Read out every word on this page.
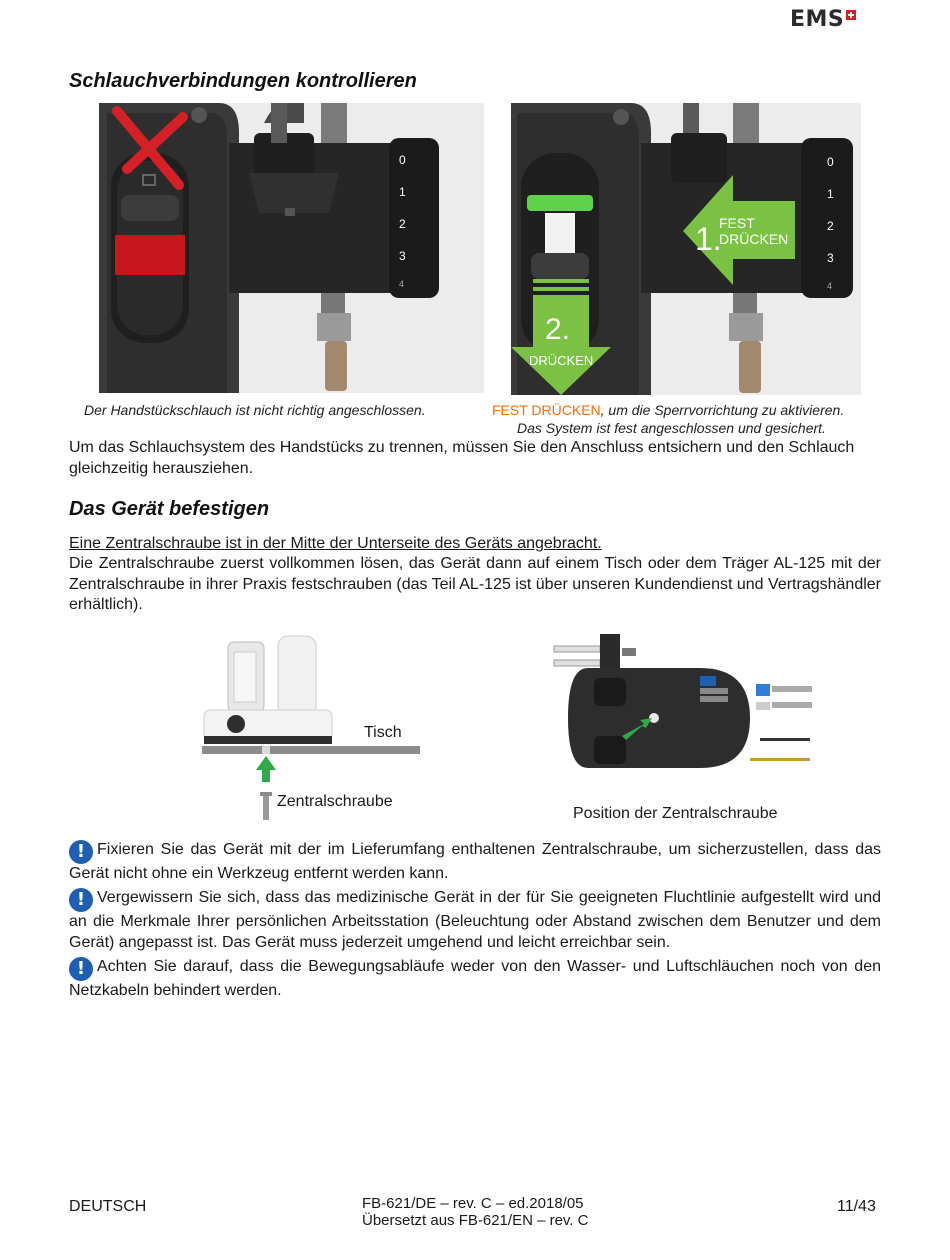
EMS
Schlauchverbindungen kontrollieren
0
1
2
3
4
0
1
2
3
4
1.
FEST
DRÜCKEN
2.
DRÜCKEN
Der Handstückschlauch ist nicht richtig angeschlossen.	FEST DRÜCKEN, um die Sperrvorrichtung zu aktivieren.
Das System ist fest angeschlossen und gesichert.
Um das Schlauchsystem des Handstücks zu trennen, müssen Sie den Anschluss entsichern und den Schlauch gleichzeitig herausziehen.
Das Gerät befestigen
Eine Zentralschraube ist in der Mitte der Unterseite des Geräts angebracht.
Die Zentralschraube zuerst vollkommen lösen, das Gerät dann auf einem Tisch oder dem Träger AL-125 mit der Zentralschraube in ihrer Praxis festschrauben (das Teil AL-125 ist über unseren Kundendienst und Vertragshändler erhältlich).
Tisch
Zentralschraube
Position der Zentralschraube
! Fixieren Sie das Gerät mit der im Lieferumfang enthaltenen Zentralschraube, um sicherzustellen, dass das Gerät nicht ohne ein Werkzeug entfernt werden kann.
! Vergewissern Sie sich, dass das medizinische Gerät in der für Sie geeigneten Fluchtlinie aufgestellt wird und an die Merkmale Ihrer persönlichen Arbeitsstation (Beleuchtung oder Abstand zwischen dem Benutzer und dem Gerät) angepasst ist. Das Gerät muss jederzeit umgehend und leicht erreichbar sein.
! Achten Sie darauf, dass die Bewegungsabläufe weder von den Wasser- und Luftschläuchen noch von den Netzkabeln behindert werden.
DEUTSCH	FB-621/DE – rev. C – ed.2018/05
Übersetzt aus FB-621/EN – rev. C
11/43
